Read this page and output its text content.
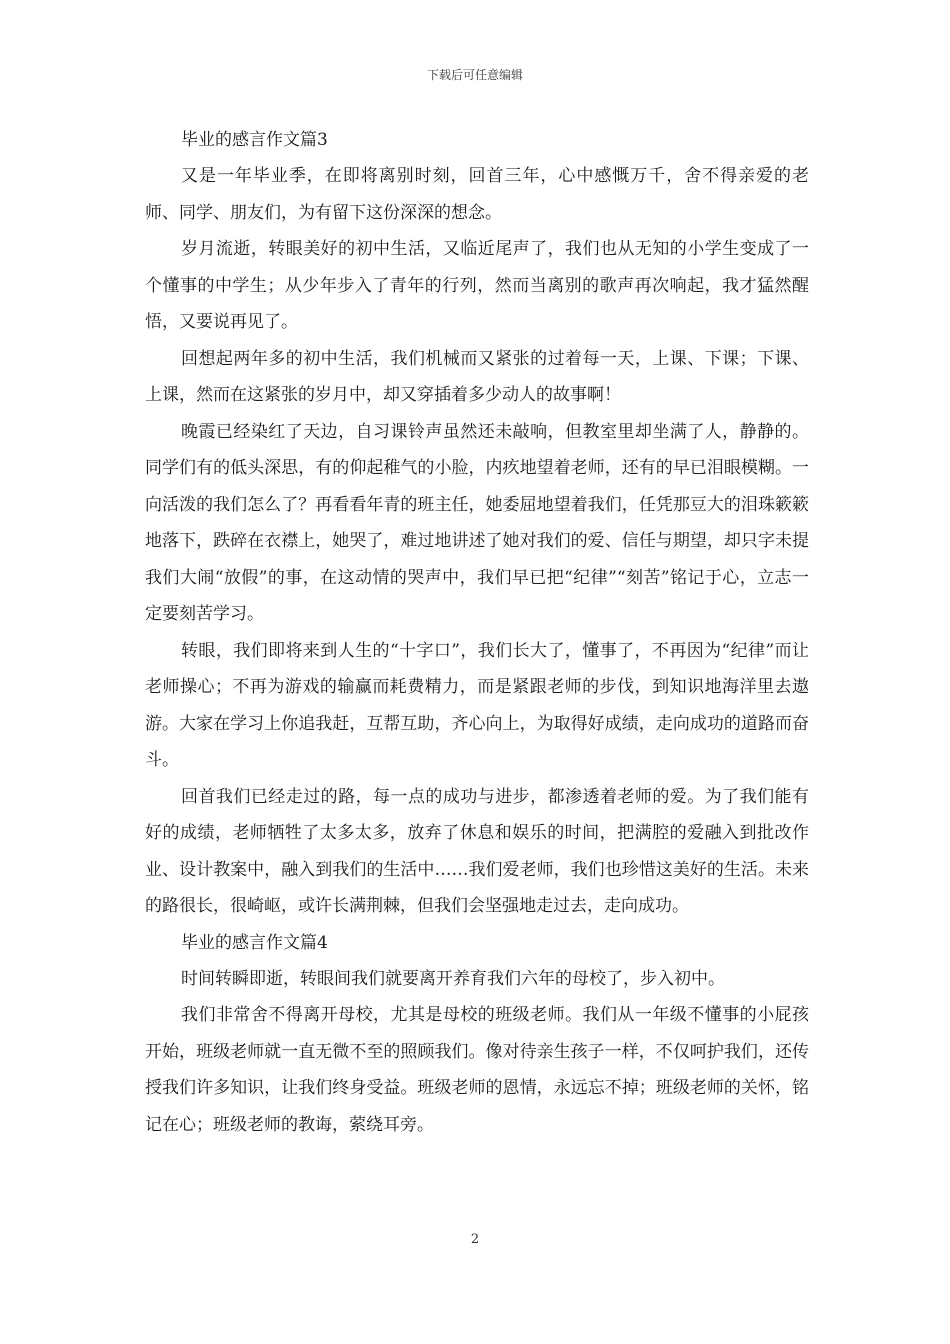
下载后可任意编辑

毕业的感言作文篇3

又是一年毕业季，在即将离别时刻，回首三年，心中感慨万千，舍不得亲爱的老师、同学、朋友们，为有留下这份深深的想念。

岁月流逝，转眼美好的初中生活，又临近尾声了，我们也从无知的小学生变成了一个懂事的中学生；从少年步入了青年的行列，然而当离别的歌声再次响起，我才猛然醒悟，又要说再见了。

回想起两年多的初中生活，我们机械而又紧张的过着每一天，上课、下课；下课、上课，然而在这紧张的岁月中，却又穿插着多少动人的故事啊！

晚霞已经染红了天边，自习课铃声虽然还未敲响，但教室里却坐满了人，静静的。同学们有的低头深思，有的仰起稚气的小脸，内疚地望着老师，还有的早已泪眼模糊。一向活泼的我们怎么了？再看看年青的班主任，她委屈地望着我们，任凭那豆大的泪珠簌簌地落下，跌碎在衣襟上，她哭了，难过地讲述了她对我们的爱、信任与期望，却只字未提我们大闹“放假”的事，在这动情的哭声中，我们早已把“纪律”“刻苦”铭记于心，立志一定要刻苦学习。

转眼，我们即将来到人生的“十字口”，我们长大了，懂事了，不再因为“纪律”而让老师操心；不再为游戏的输赢而耗费精力，而是紧跟老师的步伐，到知识地海洋里去遨游。大家在学习上你追我赶，互帮互助，齐心向上，为取得好成绩，走向成功的道路而奋斗。

回首我们已经走过的路，每一点的成功与进步，都渗透着老师的爱。为了我们能有好的成绩，老师牺牲了太多太多，放弃了休息和娱乐的时间，把满腔的爱融入到批改作业、设计教案中，融入到我们的生活中……我们爱老师，我们也珍惜这美好的生活。未来的路很长，很崎岖，或许长满荆棘，但我们会坚强地走过去，走向成功。

毕业的感言作文篇4

时间转瞬即逝，转眼间我们就要离开养育我们六年的母校了，步入初中。

我们非常舍不得离开母校，尤其是母校的班级老师。我们从一年级不懂事的小屁孩开始，班级老师就一直无微不至的照顾我们。像对待亲生孩子一样，不仅呵护我们，还传授我们许多知识，让我们终身受益。班级老师的恩情，永远忘不掉；班级老师的关怀，铭记在心；班级老师的教诲，萦绕耳旁。

2
